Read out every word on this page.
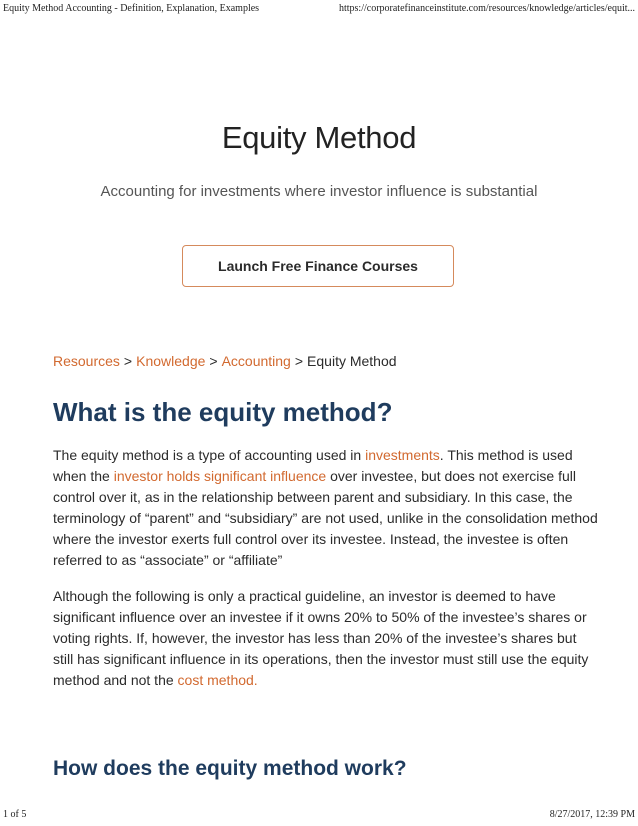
Equity Method Accounting - Definition, Explanation, Examples	https://corporatefinanceinstitute.com/resources/knowledge/articles/equit...
Equity Method

Accounting for investments where investor influence is substantial

Launch Free Finance Courses
Resources > Knowledge > Accounting > Equity Method
What is the equity method?

The equity method is a type of accounting used in investments. This method is used when the investor holds significant influence over investee, but does not exercise full control over it, as in the relationship between parent and subsidiary. In this case, the terminology of “parent” and “subsidiary” are not used, unlike in the consolidation method where the investor exerts full control over its investee. Instead, the investee is often referred to as “associate” or “affiliate”

Although the following is only a practical guideline, an investor is deemed to have significant influence over an investee if it owns 20% to 50% of the investee’s shares or voting rights. If, however, the investor has less than 20% of the investee’s shares but still has significant influence in its operations, then the investor must still use the equity method and not the cost method.

How does the equity method work?
1 of 5	8/27/2017, 12:39 PM
